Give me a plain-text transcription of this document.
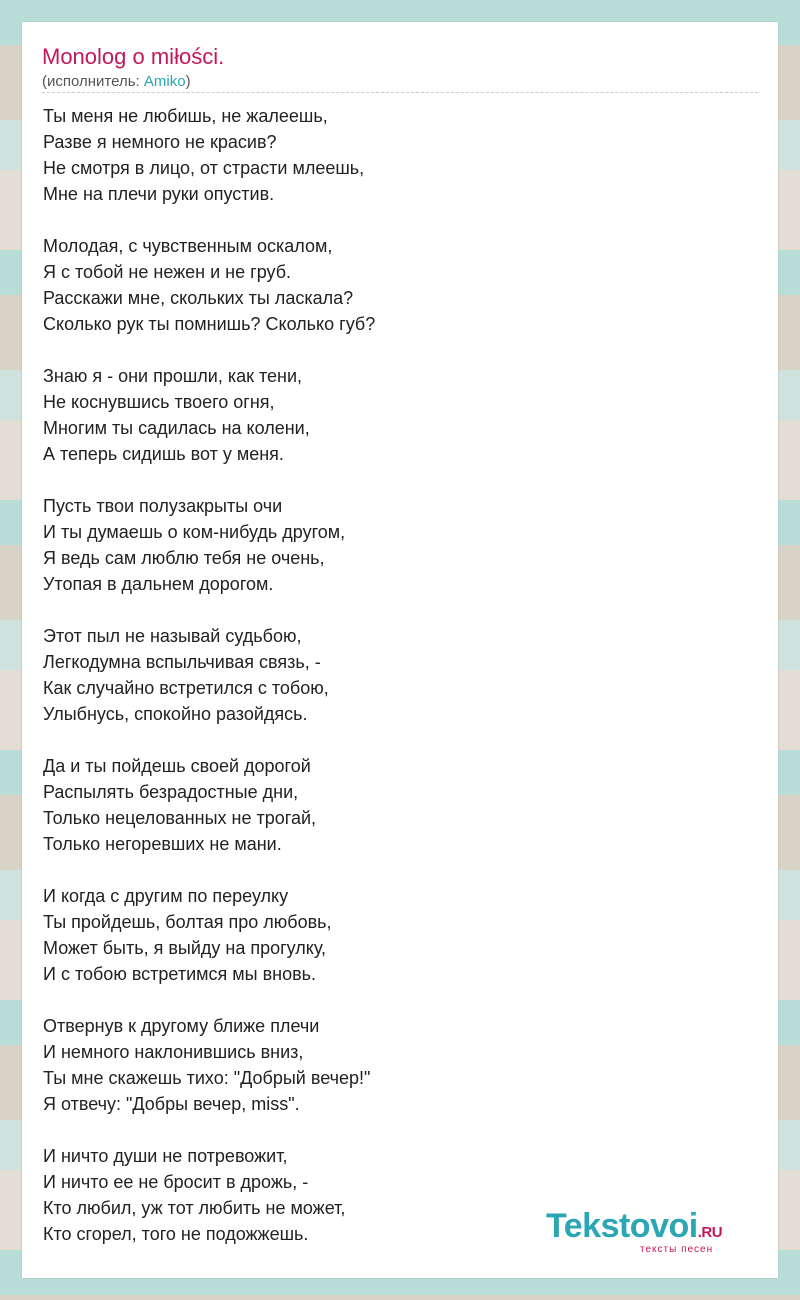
Monolog o miłości.
(исполнитель: Amiko)
Ты меня не любишь, не жалеешь,
Разве я немного не красив?
Не смотря в лицо, от страсти млеешь,
Мне на плечи руки опустив.
Молодая, с чувственным оскалом,
Я с тобой не нежен и не груб.
Расскажи мне, скольких ты ласкала?
Сколько рук ты помнишь? Сколько губ?
Знаю я - они прошли, как тени,
Не коснувшись твоего огня,
Многим ты садилась на колени,
А теперь сидишь вот у меня.
Пусть твои полузакрыты очи
И ты думаешь о ком-нибудь другом,
Я ведь сам люблю тебя не очень,
Утопая в дальнем дорогом.
Этот пыл не называй судьбою,
Легкодумна вспыльчивая связь, -
Как случайно встретился с тобою,
Улыбнусь, спокойно разойдясь.
Да и ты пойдешь своей дорогой
Распылять безрадостные дни,
Только нецелованных не трогай,
Только негоревших не мани.
И когда с другим по переулку
Ты пройдешь, болтая про любовь,
Может быть, я выйду на прогулку,
И с тобою встретимся мы вновь.
Отвернув к другому ближе плечи
И немного наклонившись вниз,
Ты мне скажешь тихо: "Добрый вечер!"
Я отвечу: "Добры вечер, miss".
И ничто души не потревожит,
И ничто ее не бросит в дрожь, -
Кто любил, уж тот любить не может,
Кто сгорел, того не подожжешь.	Tekstovoi.RU
тексты песен
